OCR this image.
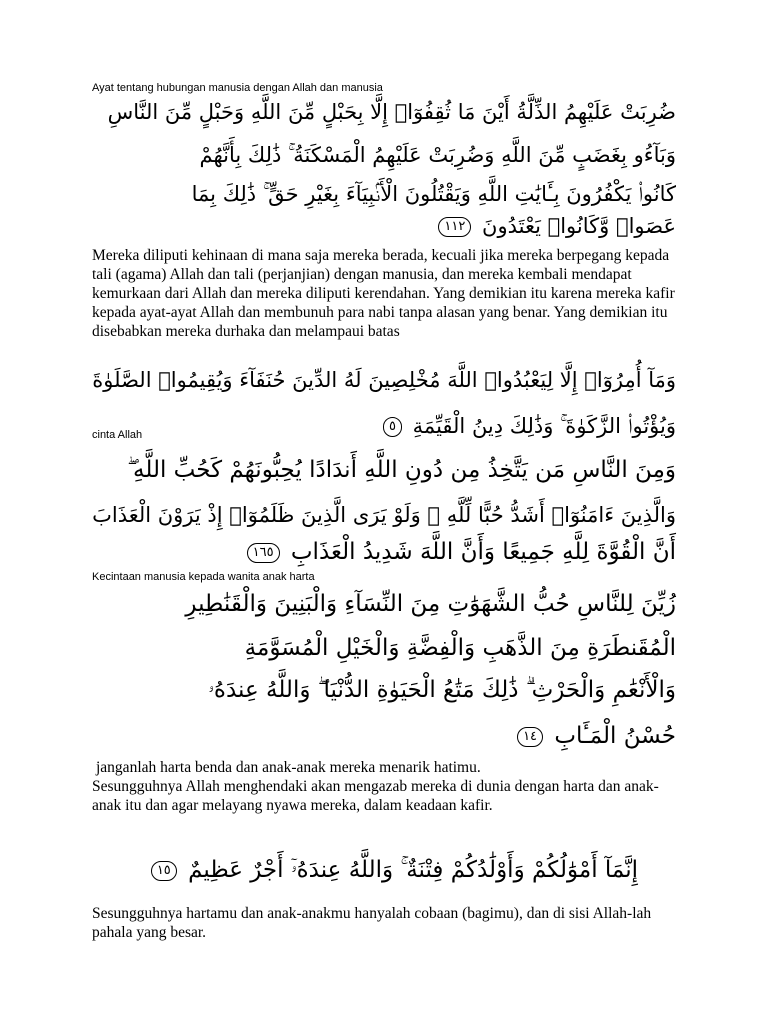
Ayat tentang hubungan manusia dengan Allah dan manusia
ضُرِبَتْ عَلَيْهِمُ الذِّلَّةُ أَيْنَ مَا ثُقِفُوٓا۟ إِلَّا بِحَبْلٍ مِّنَ اللَّهِ وَحَبْلٍ مِّنَ النَّاسِ
وَبَآءُو بِغَضَبٍ مِّنَ اللَّهِ وَضُرِبَتْ عَلَيْهِمُ الْمَسْكَنَةُ ۚ ذَٰلِكَ بِأَنَّهُمْ
كَانُوا۟ يَكْفُرُونَ بِـَٔايَٰتِ اللَّهِ وَيَقْتُلُونَ الْأَنۢبِيَآءَ بِغَيْرِ حَقٍّ ۚ ذَٰلِكَ بِمَا
عَصَوا۟ وَّكَانُوا۟ يَعْتَدُونَ ١١٢
Mereka diliputi kehinaan di mana saja mereka berada, kecuali jika mereka berpegang kepada tali (agama) Allah dan tali (perjanjian) dengan manusia, dan mereka kembali mendapat kemurkaan dari Allah dan mereka diliputi kerendahan. Yang demikian itu karena mereka kafir kepada ayat-ayat Allah dan membunuh para nabi tanpa alasan yang benar. Yang demikian itu disebabkan mereka durhaka dan melampaui batas
وَمَآ أُمِرُوٓا۟ إِلَّا لِيَعْبُدُوا۟ اللَّهَ مُخْلِصِينَ لَهُ الدِّينَ حُنَفَآءَ وَيُقِيمُوا۟ الصَّلَوٰةَ
وَيُؤْتُوا۟ الزَّكَوٰةَ ۚ وَذَٰلِكَ دِينُ الْقَيِّمَةِ ٥
cinta Allah
وَمِنَ النَّاسِ مَن يَتَّخِذُ مِن دُونِ اللَّهِ أَندَادًا يُحِبُّونَهُمْ كَحُبِّ اللَّهِ ۖ
وَالَّذِينَ ءَامَنُوٓا۟ أَشَدُّ حُبًّا لِّلَّهِ ۗ وَلَوْ يَرَى الَّذِينَ ظَلَمُوٓا۟ إِذْ يَرَوْنَ الْعَذَابَ
أَنَّ الْقُوَّةَ لِلَّهِ جَمِيعًا وَأَنَّ اللَّهَ شَدِيدُ الْعَذَابِ ١٦٥
Kecintaan manusia kepada wanita anak harta
زُيِّنَ لِلنَّاسِ حُبُّ الشَّهَوَٰتِ مِنَ النِّسَآءِ وَالْبَنِينَ وَالْقَنَٰطِيرِ
الْمُقَنطَرَةِ مِنَ الذَّهَبِ وَالْفِضَّةِ وَالْخَيْلِ الْمُسَوَّمَةِ
وَالْأَنْعَٰمِ وَالْحَرْثِ ۗ ذَٰلِكَ مَتَٰعُ الْحَيَوٰةِ الدُّنْيَا ۖ وَاللَّهُ عِندَهُۥ
حُسْنُ الْمَـَٔابِ ١٤
janganlah harta benda dan anak-anak mereka menarik hatimu.
Sesungguhnya Allah menghendaki akan mengazab mereka di dunia dengan harta dan anak-anak itu dan agar melayang nyawa mereka, dalam keadaan kafir.
إِنَّمَآ أَمْوَٰلُكُمْ وَأَوْلَٰدُكُمْ فِتْنَةٌ ۚ وَاللَّهُ عِندَهُۥٓ أَجْرٌ عَظِيمٌ ١٥
Sesungguhnya hartamu dan anak-anakmu hanyalah cobaan (bagimu), dan di sisi Allah-lah pahala yang besar.
